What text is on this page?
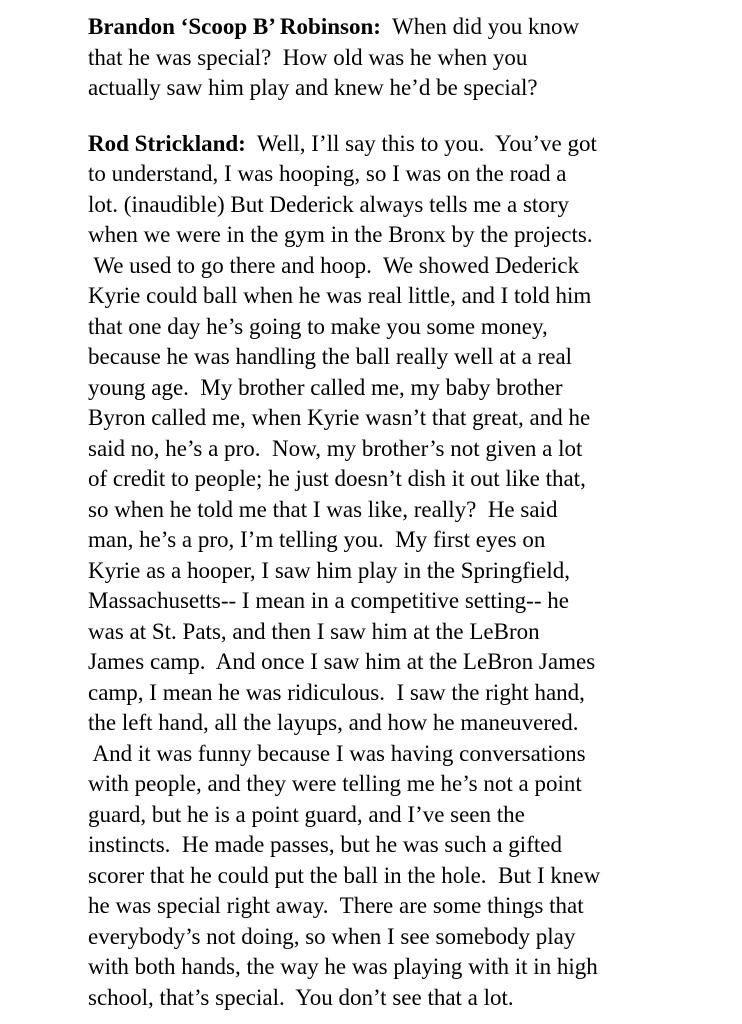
Brandon ‘Scoop B’ Robinson:  When did you know
that he was special?  How old was he when you
actually saw him play and knew he’d be special?
Rod Strickland:  Well, I’ll say this to you.  You’ve got
to understand, I was hooping, so I was on the road a
lot. (inaudible) But Dederick always tells me a story
when we were in the gym in the Bronx by the projects.
We used to go there and hoop.  We showed Dederick
Kyrie could ball when he was real little, and I told him
that one day he’s going to make you some money,
because he was handling the ball really well at a real
young age.  My brother called me, my baby brother
Byron called me, when Kyrie wasn’t that great, and he
said no, he’s a pro.  Now, my brother’s not given a lot
of credit to people; he just doesn’t dish it out like that,
so when he told me that I was like, really?  He said
man, he’s a pro, I’m telling you.  My first eyes on
Kyrie as a hooper, I saw him play in the Springfield,
Massachusetts-- I mean in a competitive setting-- he
was at St. Pats, and then I saw him at the LeBron
James camp.  And once I saw him at the LeBron James
camp, I mean he was ridiculous.  I saw the right hand,
the left hand, all the layups, and how he maneuvered.
And it was funny because I was having conversations
with people, and they were telling me he’s not a point
guard, but he is a point guard, and I’ve seen the
instincts.  He made passes, but he was such a gifted
scorer that he could put the ball in the hole.  But I knew
he was special right away.  There are some things that
everybody’s not doing, so when I see somebody play
with both hands, the way he was playing with it in high
school, that’s special.  You don’t see that a lot.
